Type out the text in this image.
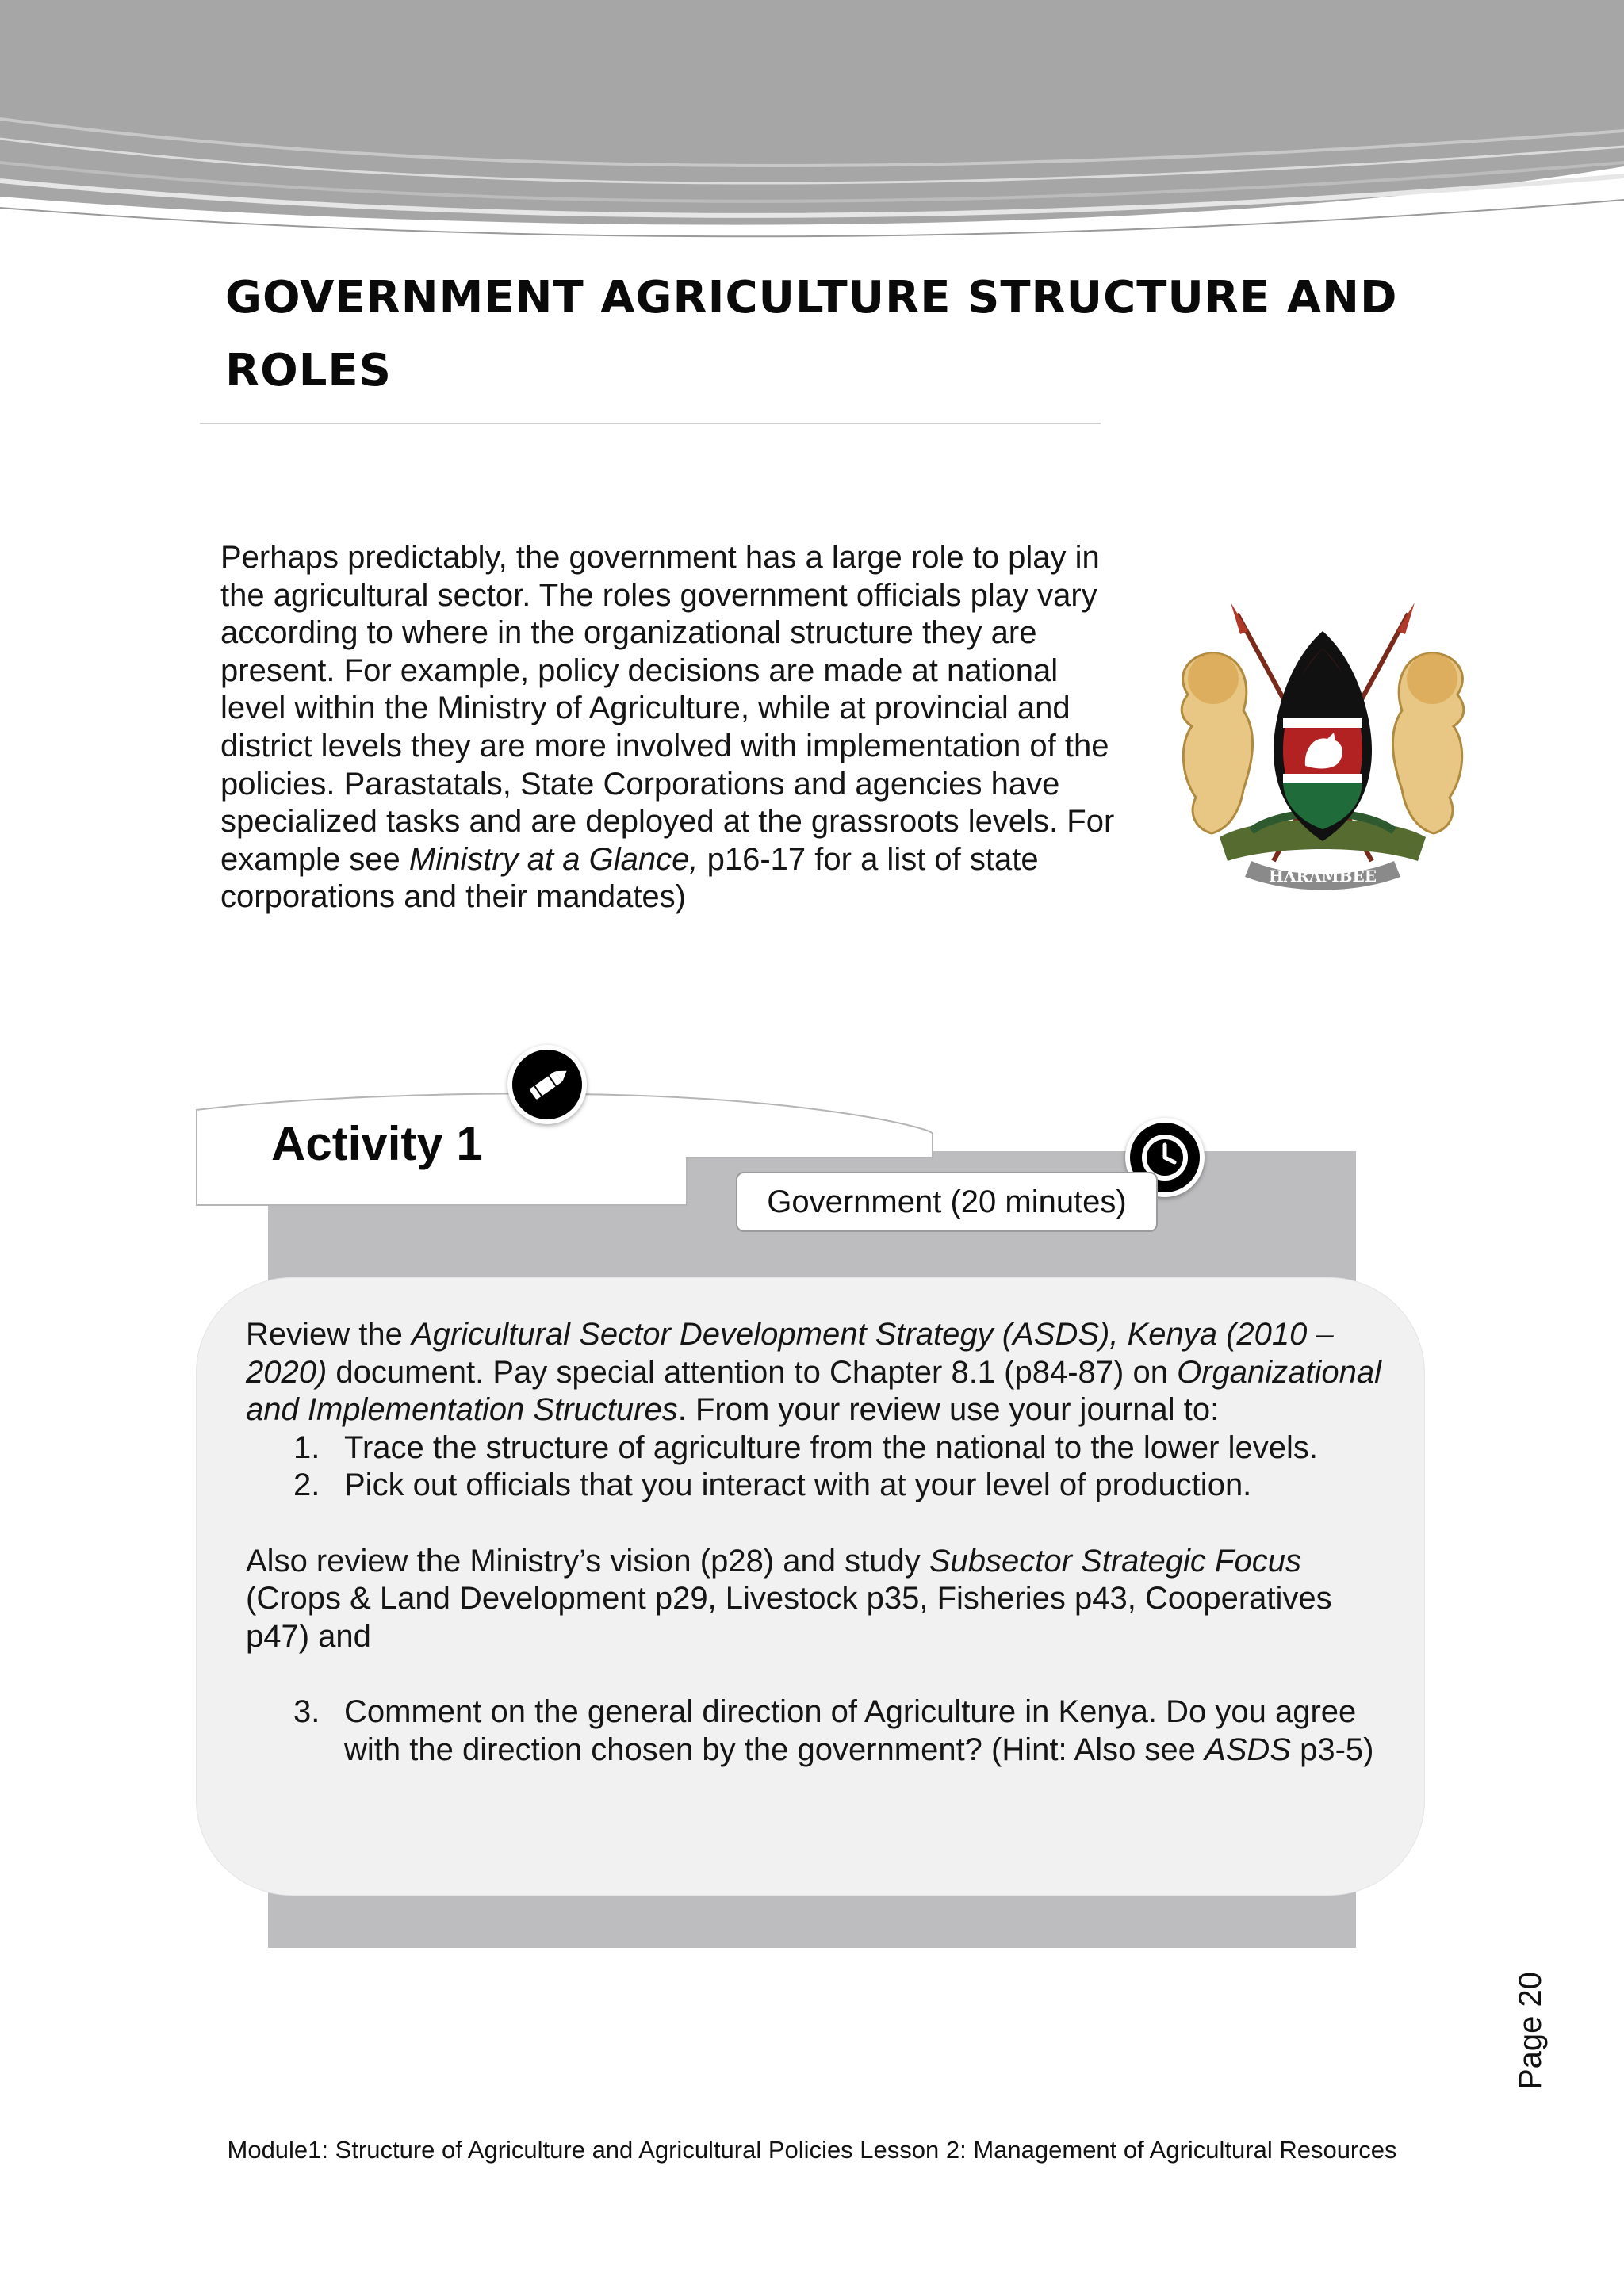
GOVERNMENT AGRICULTURE STRUCTURE AND ROLES
Perhaps predictably, the government has a large role to play in the agricultural sector. The roles government officials play vary according to where in the organizational structure they are present. For example, policy decisions are made at national level within the Ministry of Agriculture, while at provincial and district levels they are more involved with implementation of the policies. Parastatals, State Corporations and agencies have specialized tasks and are deployed at the grassroots levels. For example see Ministry at a Glance, p16-17 for a list of state corporations and their mandates)
HARAMBEE
Activity 1
Government (20 minutes)

Review the Agricultural Sector Development Strategy (ASDS), Kenya (2010 – 2020) document. Pay special attention to Chapter 8.1 (p84-87) on Organizational and Implementation Structures. From your review use your journal to:

1. Trace the structure of agriculture from the national to the lower levels.

2. Pick out officials that you interact with at your level of production.

Also review the Ministry’s vision (p28) and study Subsector Strategic Focus (Crops & Land Development p29, Livestock p35, Fisheries p43, Cooperatives p47) and

3. Comment on the general direction of Agriculture in Kenya. Do you agree with the direction chosen by the government? (Hint: Also see ASDS p3-5)

Page 20
Module1: Structure of Agriculture and Agricultural Policies Lesson 2: Management of Agricultural Resources
